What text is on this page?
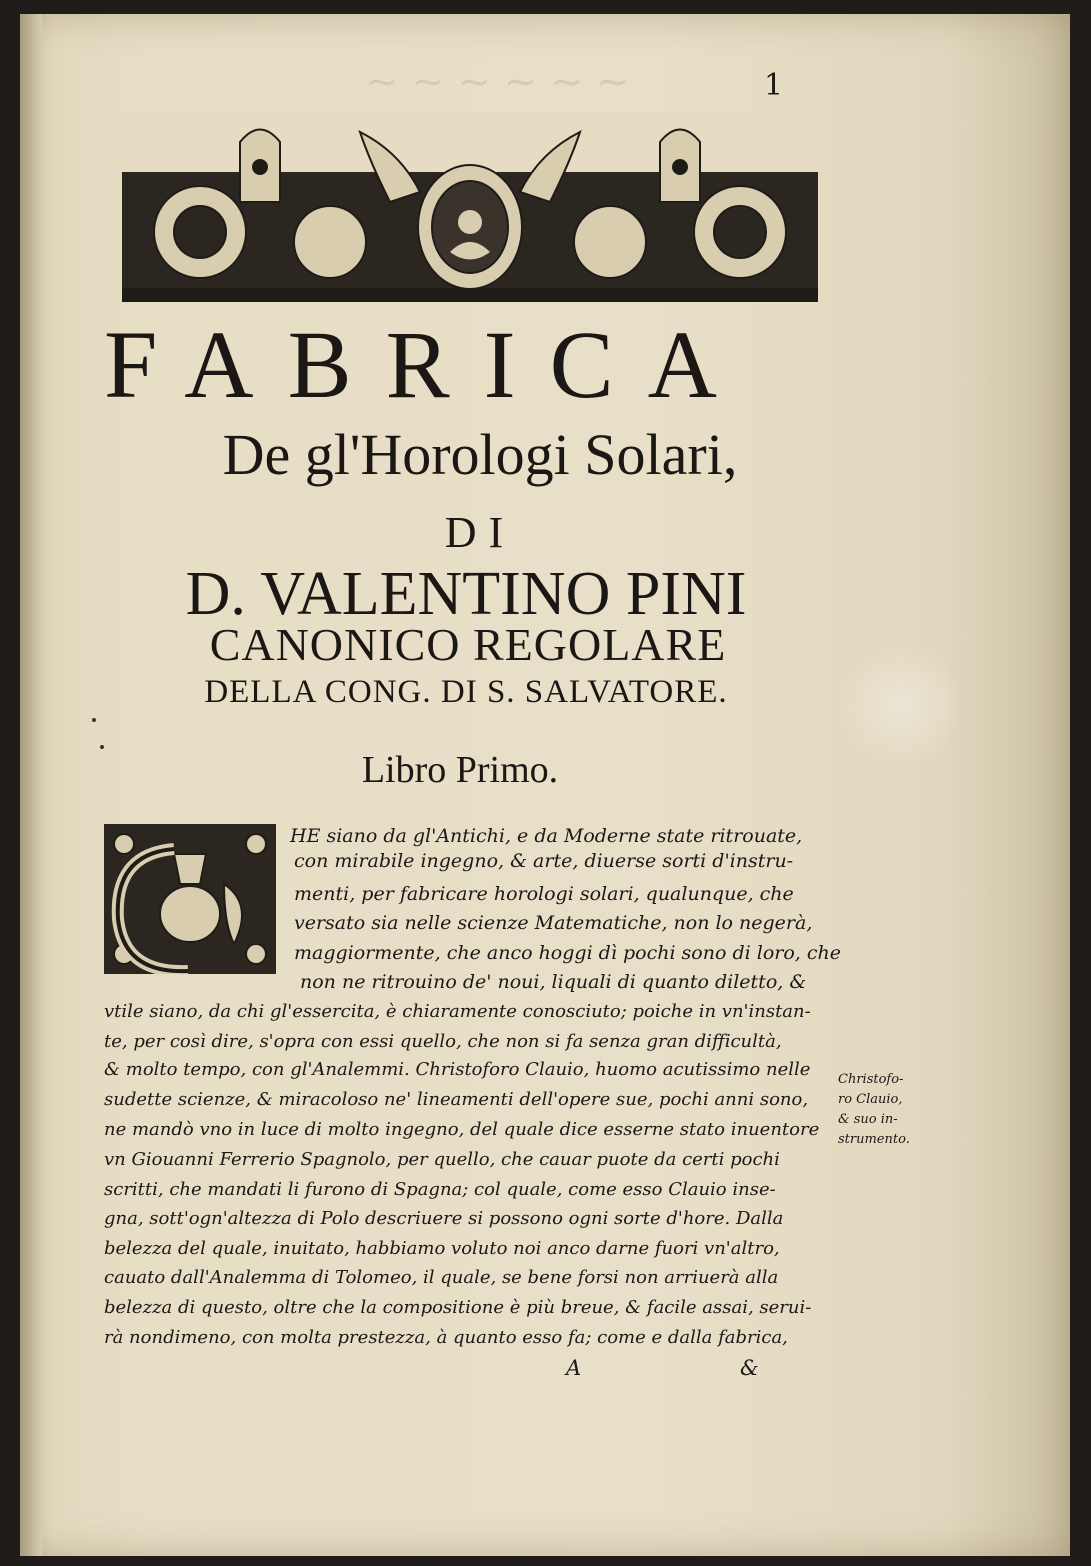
~ ~ ~ ~ ~ ~	1
FABRICA
De gl'Horologi Solari,
DI
D. VALENTINO PINI
CANONICO REGOLARE
DELLA CONG. DI S. SALVATORE.
Libro Primo.
HE siano da gl'Antichi, e da Moderne state ritrouate,
con mirabile ingegno, & arte, diuerse sorti d'instru-
menti, per fabricare horologi solari, qualunque, che
versato sia nelle scienze Matematiche, non lo negerà,
maggiormente, che anco hoggi dì pochi sono di loro, che
non ne ritrouino de' noui, liquali di quanto diletto, &
vtile siano, da chi gl'essercita, è chiaramente conosciuto; poiche in vn'instan-
te, per così dire, s'opra con essi quello, che non si fa senza gran difficultà,
& molto tempo, con gl'Analemmi. Christoforo Clauio, huomo acutissimo nelle
sudette scienze, & miracoloso ne' lineamenti dell'opere sue, pochi anni sono,
ne mandò vno in luce di molto ingegno, del quale dice esserne stato inuentore
vn Giouanni Ferrerio Spagnolo, per quello, che cauar puote da certi pochi
scritti, che mandati li furono di Spagna; col quale, come esso Clauio inse-
gna, sott'ogn'altezza di Polo descriuere si possono ogni sorte d'hore. Dalla
belezza del quale, inuitato, habbiamo voluto noi anco darne fuori vn'altro,
cauato dall'Analemma di Tolomeo, il quale, se bene forsi non arriuerà alla
belezza di questo, oltre che la compositione è più breue, & facile assai, serui-
rà nondimeno, con molta prestezza, à quanto esso fa; come e dalla fabrica,
Christofo-
ro Clauio,
& suo in-
strumento.
A	&
